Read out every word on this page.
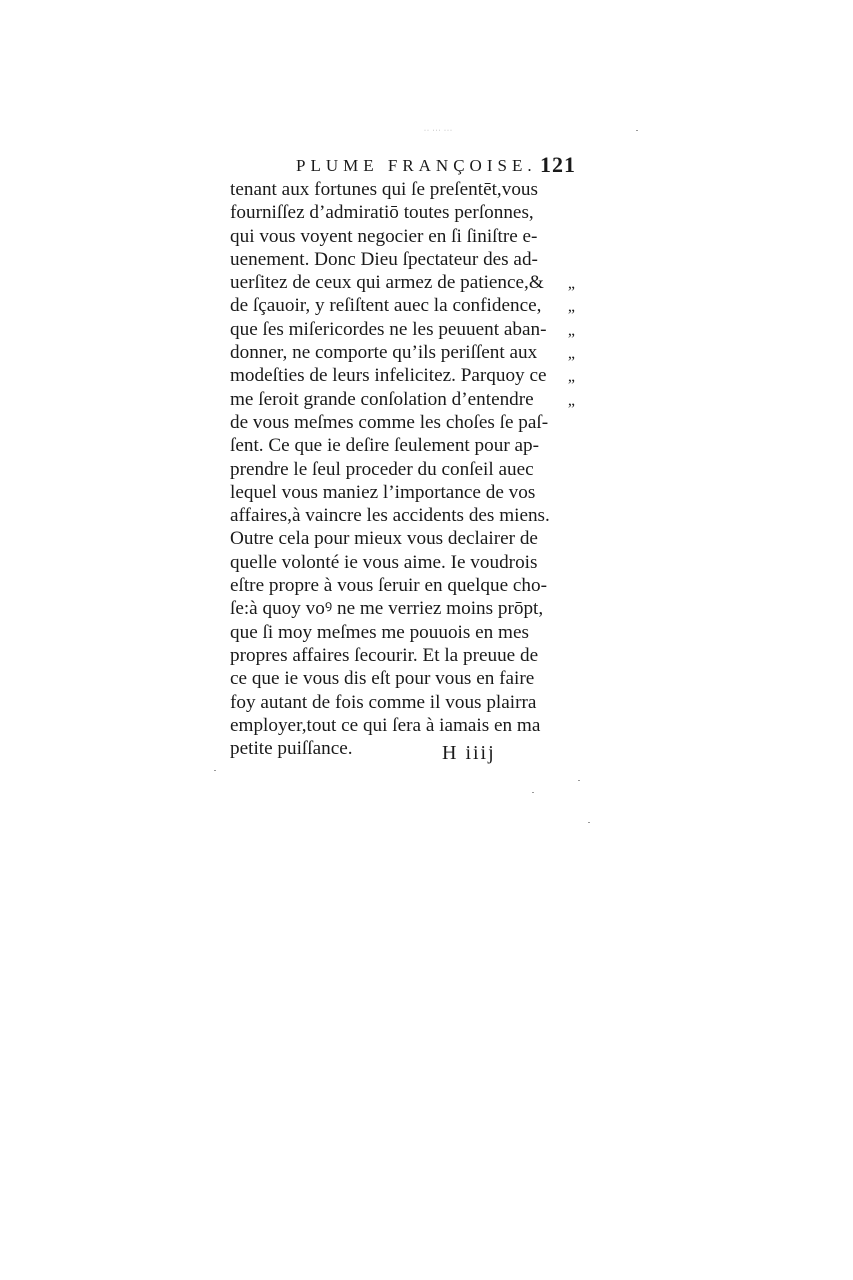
·· ··· ···
PLUME FRANÇOISE. 121
tenant aux fortunes qui ſe preſentēt,vous
fourniſſez d’admiratiō toutes perſonnes,
qui vous voyent negocier en ſi ſiniſtre e-
uenement. Donc Dieu ſpectateur des ad-
uerſitez de ceux qui armez de patience,&	„
de ſçauoir, y reſiſtent auec la confidence,	„
que ſes miſericordes ne les peuuent aban-	„
donner, ne comporte qu’ils periſſent aux	„
modeſties de leurs infelicitez. Parquoy ce	„
me ſeroit grande conſolation d’entendre	„
de vous meſmes comme les choſes ſe paſ-
ſent. Ce que ie deſire ſeulement pour ap-
prendre le ſeul proceder du conſeil auec
lequel vous maniez l’importance de vos
affaires,à vaincre les accidents des miens.
Outre cela pour mieux vous declairer de
quelle volonté ie vous aime. Ie voudrois
eſtre propre à vous ſeruir en quelque cho-
ſe:à quoy voꝰ ne me verriez moins prōpt,
que ſi moy meſmes me pouuois en mes
propres affaires ſecourir. Et la preuue de
ce que ie vous dis eſt pour vous en faire
foy autant de fois comme il vous plairra
employer,tout ce qui ſera à iamais en ma
petite puiſſance.	H iiij
